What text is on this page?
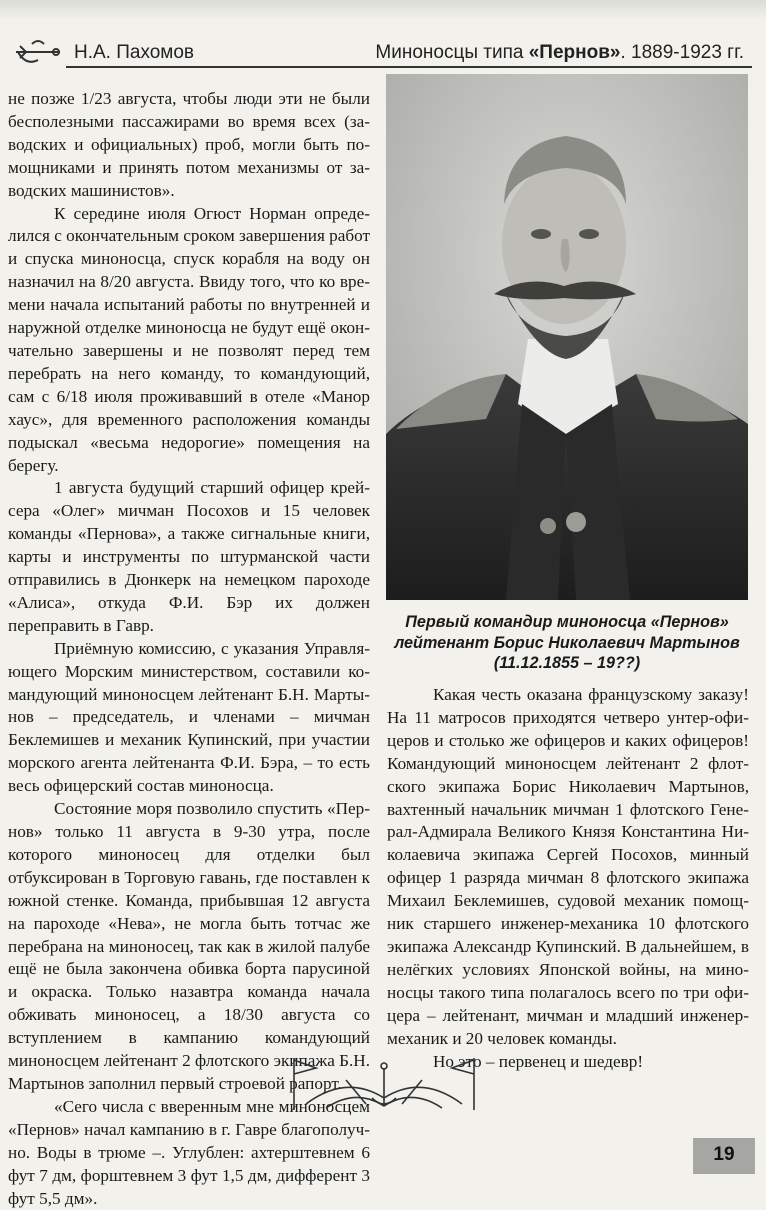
Н.А. Пахомов	Миноносцы типа «Пернов». 1889-1923 гг.

не позже 1/23 августа, чтобы люди эти не были бесполезными пассажирами во время всех (заводских и официальных) проб, могли быть помощниками и принять потом механизмы от заводских машинистов».

К середине июля Огюст Норман определился с окончательным сроком завершения работ и спуска миноносца, спуск корабля на воду он назначил на 8/20 августа. Ввиду того, что ко времени начала испытаний работы по внутренней и наружной отделке миноносца не будут ещё окончательно завершены и не позволят перед тем перебрать на него команду, то командующий, сам с 6/18 июля проживавший в отеле «Манор хаус», для временного расположения команды подыскал «весьма недорогие» помещения на берегу.

1 августа будущий старший офицер крейсера «Олег» мичман Посохов и 15 человек команды «Пернова», а также сигнальные книги, карты и инструменты по штурманской части отправились в Дюнкерк на немецком пароходе «Алиса», откуда Ф.И. Бэр их должен переправить в Гавр.

Приёмную комиссию, с указания Управляющего Морским министерством, составили командующий миноносцем лейтенант Б.Н. Мартынов – председатель, и членами – мичман Беклемишев и механик Купинский, при участии морского агента лейтенанта Ф.И. Бэра, – то есть весь офицерский состав миноносца.

Состояние моря позволило спустить «Пернов» только 11 августа в 9-30 утра, после которого миноносец для отделки был отбуксирован в Торговую гавань, где поставлен к южной стенке. Команда, прибывшая 12 августа на пароходе «Нева», не могла быть тотчас же перебрана на миноносец, так как в жилой палубе ещё не была закончена обивка борта парусиной и окраска. Только назавтра команда начала обживать миноносец, а 18/30 августа со вступлением в кампанию командующий миноносцем лейтенант 2 флотского экипажа Б.Н. Мартынов заполнил первый строевой рапорт.

«Сего числа с вверенным мне миноносцем «Пернов» начал кампанию в г. Гавре благополучно. Воды в трюме –. Углублен: ахтерштевнем 6 фут 7 дм, форштевнем 3 фут 1,5 дм, дифферент 3 фут 5,5 дм».

Первый командир миноносца «Пернов»
лейтенант Борис Николаевич Мартынов
(11.12.1855 – 19??)

Какая честь оказана французскому заказу! На 11 матросов приходятся четверо унтер-офицеров и столько же офицеров и каких офицеров! Командующий миноносцем лейтенант 2 флотского экипажа Борис Николаевич Мартынов, вахтенный начальник мичман 1 флотского Генерал-Адмирала Великого Князя Константина Николаевича экипажа Сергей Посохов, минный офицер 1 разряда мичман 8 флотского экипажа Михаил Беклемишев, судовой механик помощник старшего инженер-механика 10 флотского экипажа Александр Купинский. В дальнейшем, в нелёгких условиях Японской войны, на миноносцы такого типа полагалось всего по три офицера – лейтенант, мичман и младший инженер-механик и 20 человек команды.

Но это – первенец и шедевр!

19
